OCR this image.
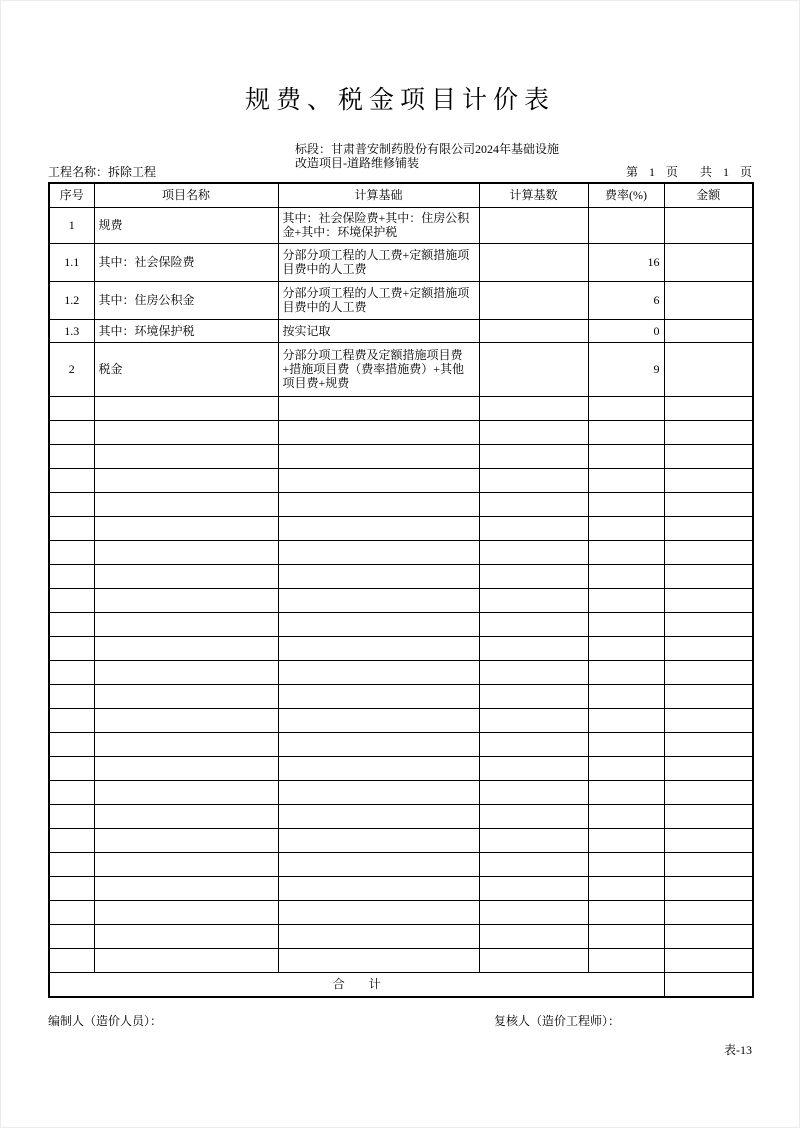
规费、税金项目计价表
工程名称：拆除工程
标段：甘肃普安制药股份有限公司2024年基础设施
改造项目-道路维修铺装
第 1 页  共 1 页
序号	项目名称	计算基础	计算基数	费率(%)	金额
1	规费	其中：社会保险费+其中：住房公积金+其中：环境保护税			
1.1	其中：社会保险费	分部分项工程的人工费+定额措施项目费中的人工费		16	
1.2	其中：住房公积金	分部分项工程的人工费+定额措施项目费中的人工费		6	
1.3	其中：环境保护税	按实记取		0	
2	税金	分部分项工程费及定额措施项目费+措施项目费（费率措施费）+其他项目费+规费		9	

合　　计					
编制人（造价人员）：	复核人（造价工程师）：
表-13
